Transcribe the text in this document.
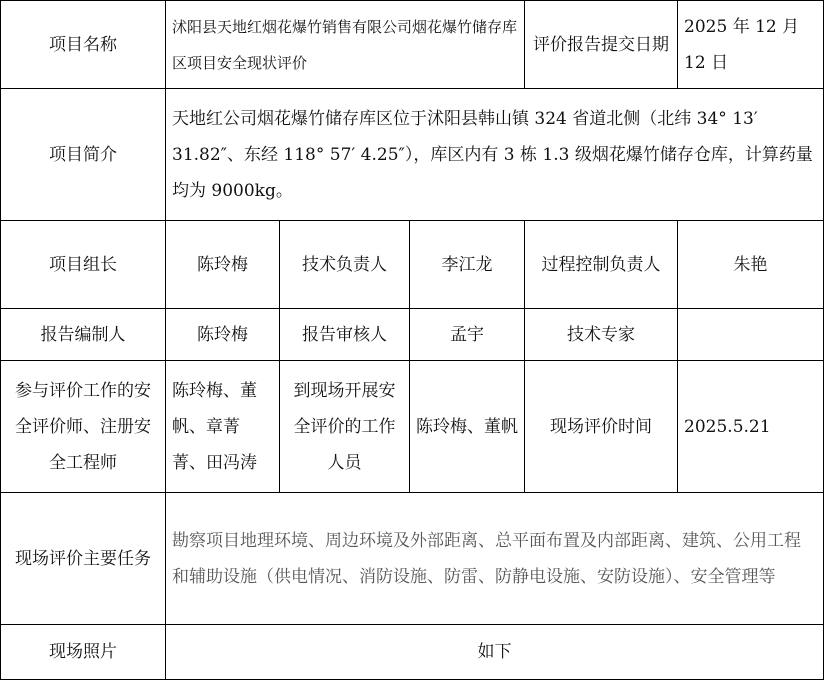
项目名称	沭阳县天地红烟花爆竹销售有限公司烟花爆竹储存库区项目安全现状评价			评价报告提交日期	2025 年 12 月 12 日
项目简介	天地红公司烟花爆竹储存库区位于沭阳县韩山镇 324 省道北侧（北纬 34° 13′ 31.82″、东经 118° 57′ 4.25″），库区内有 3 栋 1.3 级烟花爆竹储存仓库，计算药量均为 9000kg。				
项目组长	陈玲梅	技术负责人	李江龙	过程控制负责人	朱艳
报告编制人	陈玲梅	报告审核人	孟宇	技术专家	
参与评价工作的安全评价师、注册安全工程师	陈玲梅、董帆、章菁菁、田冯涛	到现场开展安全评价的工作人员	陈玲梅、董帆	现场评价时间	2025.5.21
现场评价主要任务	勘察项目地理环境、周边环境及外部距离、总平面布置及内部距离、建筑、公用工程和辅助设施（供电情况、消防设施、防雷、防静电设施、安防设施）、安全管理等				
现场照片	如下				
